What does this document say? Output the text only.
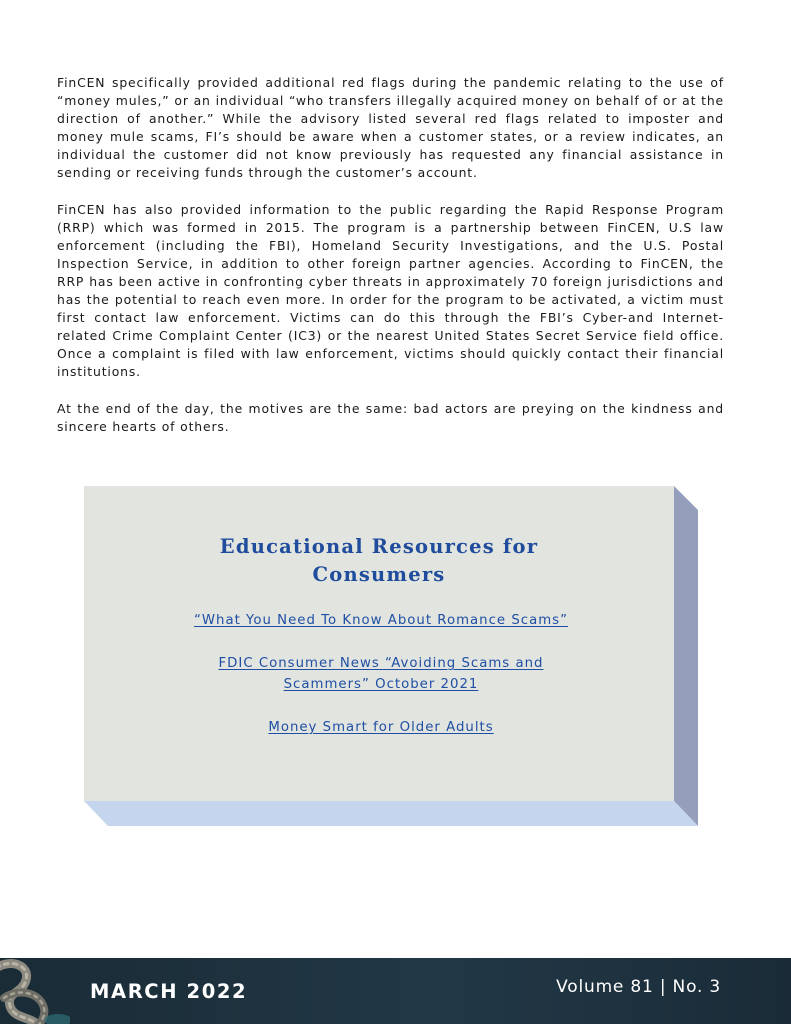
FinCEN specifically provided additional red flags during the pandemic relating to the use of “money mules,” or an individual “who transfers illegally acquired money on behalf of or at the direction of another.” While the advisory listed several red flags related to imposter and money mule scams, FI’s should be aware when a customer states, or a review indicates, an individual the customer did not know previously has requested any financial assistance in sending or receiving funds through the customer’s account.

FinCEN has also provided information to the public regarding the Rapid Response Program (RRP) which was formed in 2015. The program is a partnership between FinCEN, U.S law enforcement (including the FBI), Homeland Security Investigations, and the U.S. Postal Inspection Service, in addition to other foreign partner agencies. According to FinCEN, the RRP has been active in confronting cyber threats in approximately 70 foreign jurisdictions and has the potential to reach even more. In order for the program to be activated, a victim must first contact law enforcement. Victims can do this through the FBI’s Cyber-and Internet-related Crime Complaint Center (IC3) or the nearest United States Secret Service field office. Once a complaint is filed with law enforcement, victims should quickly contact their financial institutions.

At the end of the day, the motives are the same: bad actors are preying on the kindness and sincere hearts of others.

Educational Resources for
Consumers
“What You Need To Know About Romance Scams”
FDIC Consumer News “Avoiding Scams and Scammers” October 2021
Money Smart for Older Adults
MARCH 2022	Volume 81 | No. 3
